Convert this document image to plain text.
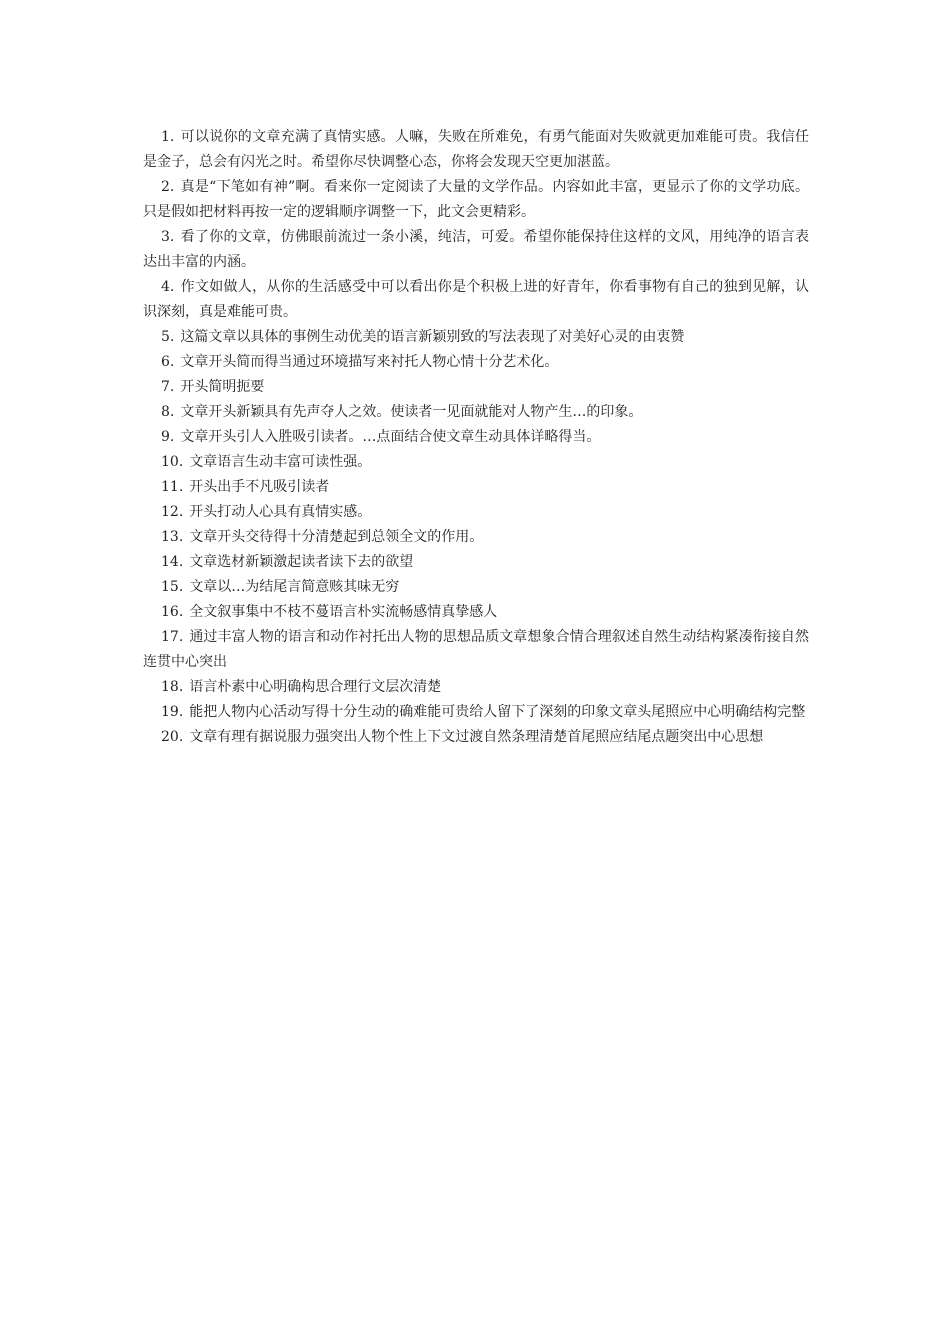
1. 可以说你的文章充满了真情实感。人嘛，失败在所难免，有勇气能面对失败就更加难能可贵。我信任是金子，总会有闪光之时。希望你尽快调整心态，你将会发现天空更加湛蓝。

2. 真是“下笔如有神”啊。看来你一定阅读了大量的文学作品。内容如此丰富，更显示了你的文学功底。只是假如把材料再按一定的逻辑顺序调整一下，此文会更精彩。

3. 看了你的文章，仿佛眼前流过一条小溪，纯洁，可爱。希望你能保持住这样的文风，用纯净的语言表达出丰富的内涵。

4. 作文如做人，从你的生活感受中可以看出你是个积极上进的好青年，你看事物有自己的独到见解，认识深刻，真是难能可贵。

5. 这篇文章以具体的事例生动优美的语言新颖别致的写法表现了对美好心灵的由衷赞

6. 文章开头简而得当通过环境描写来衬托人物心情十分艺术化。

7. 开头简明扼要

8. 文章开头新颖具有先声夺人之效。使读者一见面就能对人物产生…的印象。

9. 文章开头引人入胜吸引读者。…点面结合使文章生动具体详略得当。

10. 文章语言生动丰富可读性强。

11. 开头出手不凡吸引读者

12. 开头打动人心具有真情实感。

13. 文章开头交待得十分清楚起到总领全文的作用。

14. 文章选材新颖激起读者读下去的欲望

15. 文章以…为结尾言简意赅其味无穷

16. 全文叙事集中不枝不蔓语言朴实流畅感情真挚感人

17. 通过丰富人物的语言和动作衬托出人物的思想品质文章想象合情合理叙述自然生动结构紧凑衔接自然连贯中心突出

18. 语言朴素中心明确构思合理行文层次清楚

19. 能把人物内心活动写得十分生动的确难能可贵给人留下了深刻的印象文章头尾照应中心明确结构完整

20. 文章有理有据说服力强突出人物个性上下文过渡自然条理清楚首尾照应结尾点题突出中心思想
